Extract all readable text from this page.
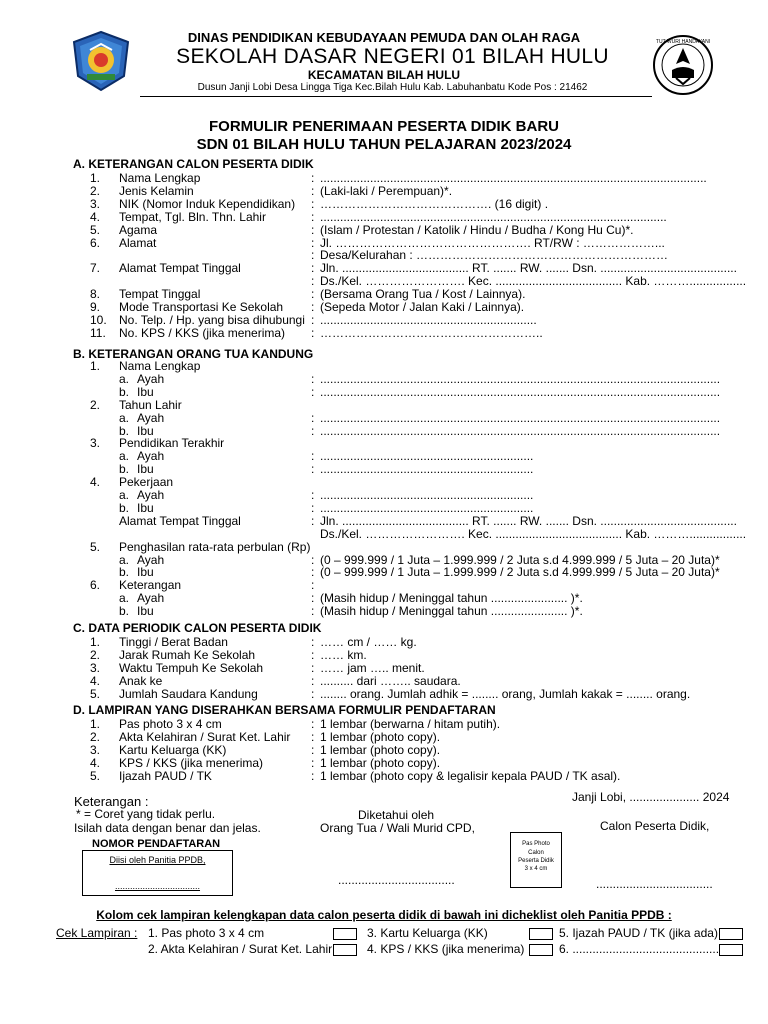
TUT WURI HANDAYANI
DINAS PENDIDIKAN KEBUDAYAAN PEMUDA DAN OLAH RAGA
SEKOLAH DASAR NEGERI 01 BILAH HULU
KECAMATAN BILAH HULU
Dusun Janji Lobi Desa Lingga Tiga Kec.Bilah Hulu Kab. Labuhanbatu Kode Pos : 21462
FORMULIR PENERIMAAN PESERTA DIDIK BARU
SDN 01 BILAH HULU TAHUN PELAJARAN 2023/2024
A. KETERANGAN CALON PESERTA DIDIK
1. Nama Lengkap	: ....................................................................................................................
2. Jenis Kelamin	: (Laki-laki / Perempuan)*.
3. NIK (Nomor Induk Kependidikan) : ……………………………………. (16 digit) .
4. Tempat, Tgl. Bln. Thn. Lahir	: ........................................................................................................
5. Agama	: (Islam / Protestan / Katolik / Hindu / Budha / Kong Hu Cu)*.
6. Alamat	: Jl. …………………………………………. RT/RW : ………………...
: Desa/Kelurahan : ………………………………………………………
7. Alamat Tempat Tinggal	: Jln. ...................................... RT. ....... RW. ....... Dsn. .........................................
: Ds./Kel. ……………………. Kec. ...................................... Kab. ……….................
8. Tempat Tinggal	: (Bersama Orang Tua / Kost / Lainnya).
9. Mode Transportasi Ke Sekolah : (Sepeda Motor / Jalan Kaki / Lainnya).
10. No. Telp. / Hp. yang bisa dihubungi : .................................................................
11. No. KPS / KKS (jika menerima) : ………………………………………………..
B. KETERANGAN ORANG TUA KANDUNG
1. Nama Lengkap
a. Ayah	: ........................................................................................................................
b. Ibu	: ........................................................................................................................
2. Tahun Lahir
a. Ayah	: ........................................................................................................................
b. Ibu	: ........................................................................................................................
3. Pendidikan Terakhir
a. Ayah	: ................................................................
b. Ibu	: ................................................................
4. Pekerjaan
a. Ayah	: ................................................................
b. Ibu	: ................................................................
Alamat Tempat Tinggal	: Jln. ...................................... RT. ....... RW. ....... Dsn. .........................................
Ds./Kel. ……………………. Kec. ...................................... Kab. ……….................
5. Penghasilan rata-rata perbulan (Rp)
a. Ayah	: (0 – 999.999 / 1 Juta – 1.999.999 / 2 Juta s.d 4.999.999 / 5 Juta – 20 Juta)*
b. Ibu	: (0 – 999.999 / 1 Juta – 1.999.999 / 2 Juta s.d 4.999.999 / 5 Juta – 20 Juta)*
6. Keterangan	:
a. Ayah	: (Masih hidup / Meninggal tahun ....................... )*.
b. Ibu	: (Masih hidup / Meninggal tahun ....................... )*.
C. DATA PERIODIK CALON PESERTA DIDIK
1. Tinggi / Berat Badan	: …… cm / …… kg.
2. Jarak Rumah Ke Sekolah	: …… km.
3. Waktu Tempuh Ke Sekolah	: …… jam ….. menit.
4. Anak ke	: .......... dari …….. saudara.
5. Jumlah Saudara Kandung	: ........ orang. Jumlah adhik = ........ orang, Jumlah kakak = ........ orang.
D. LAMPIRAN YANG DISERAHKAN BERSAMA FORMULIR PENDAFTARAN
1. Pas photo 3 x 4 cm	: 1 lembar (berwarna / hitam putih).
2. Akta Kelahiran / Surat Ket. Lahir : 1 lembar (photo copy).
3. Kartu Keluarga (KK)	: 1 lembar (photo copy).
4. KPS / KKS (jika menerima)	: 1 lembar (photo copy).
5. Ijazah PAUD / TK	: 1 lembar (photo copy & legalisir kepala PAUD / TK asal).
Janji Lobi, ..................... 2024
Keterangan :
* = Coret yang tidak perlu.	Diketahui oleh
Isilah data dengan benar dan jelas.	Orang Tua / Wali Murid CPD,	Calon Peserta Didik,
NOMOR PENDAFTARAN
Diisi oleh Panitia PPDB,
..................................
Pas Photo
Calon
Peserta Didik
3 x 4 cm
...................................	...................................
Kolom cek lampiran kelengkapan data calon peserta didik di bawah ini dicheklist oleh Panitia PPDB :
Cek Lampiran : 1. Pas photo 3 x 4 cm	3. Kartu Keluarga (KK)	5. Ijazah PAUD / TK (jika ada)
2. Akta Kelahiran / Surat Ket. Lahir	4. KPS / KKS (jika menerima)	6. ............................................
